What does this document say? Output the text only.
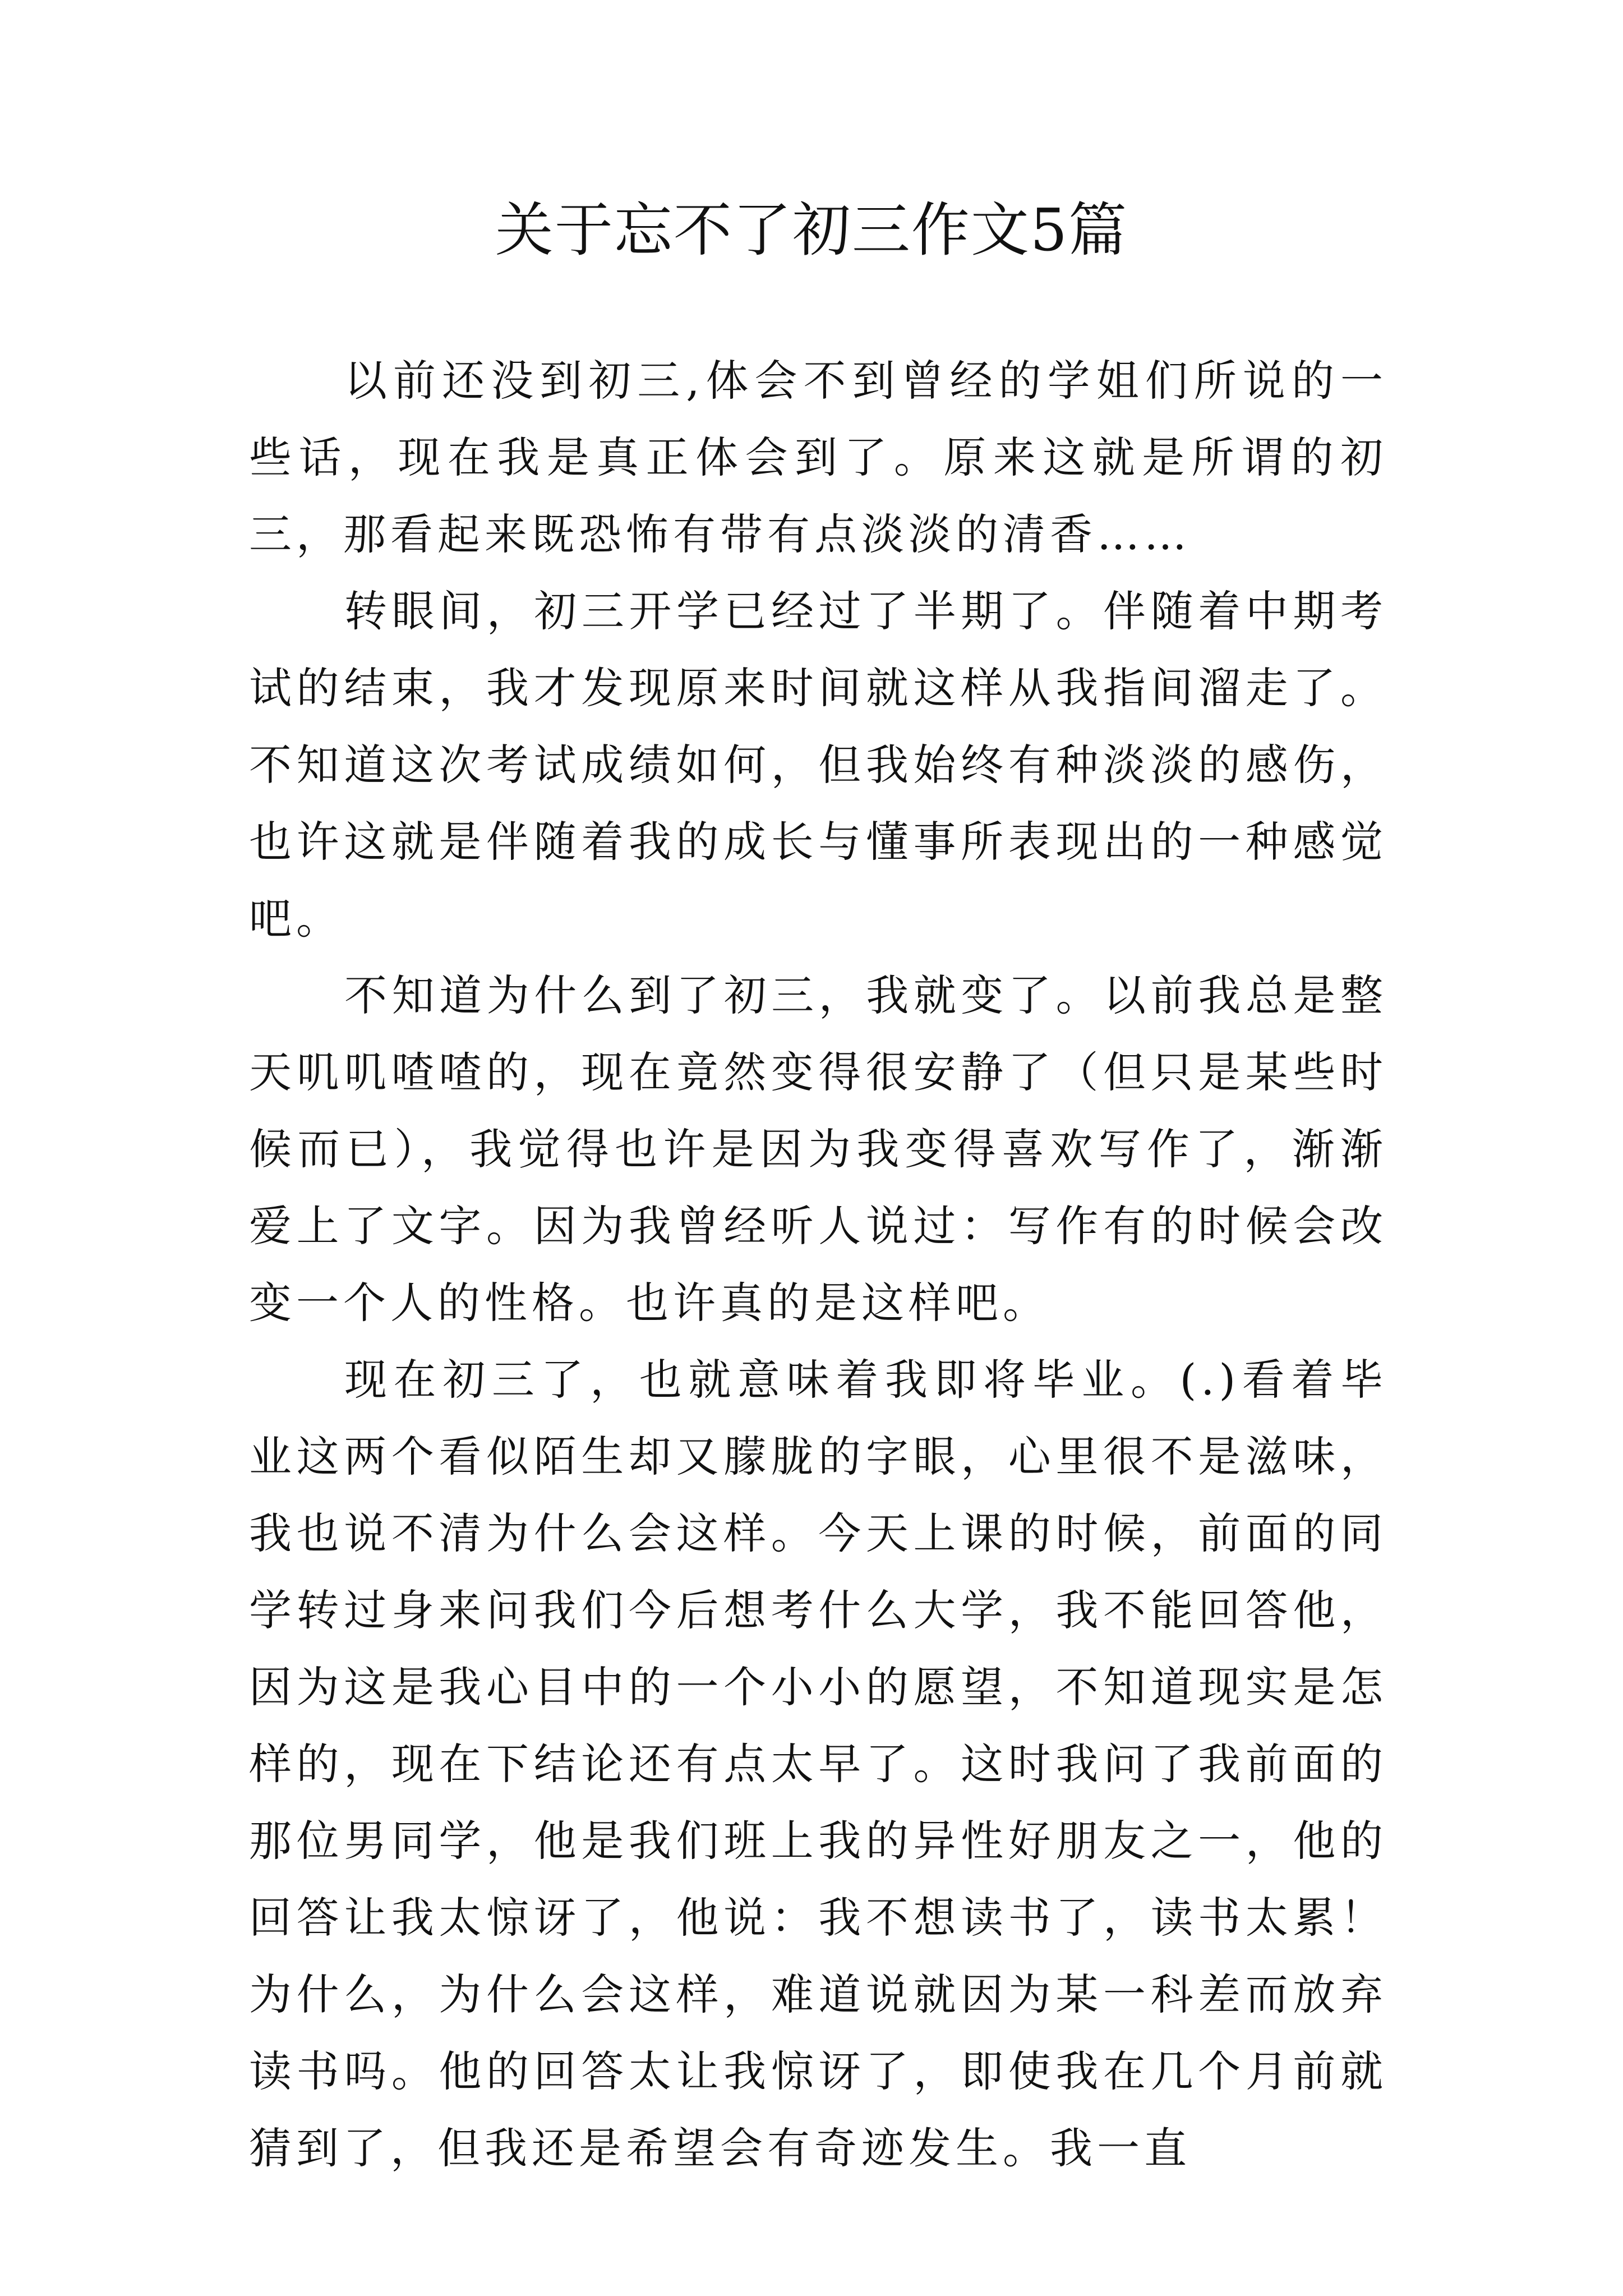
关于忘不了初三作文5篇

以前还没到初三,体会不到曾经的学姐们所说的一些话，现在我是真正体会到了。原来这就是所谓的初三，那看起来既恐怖有带有点淡淡的清香……

转眼间，初三开学已经过了半期了。伴随着中期考试的结束，我才发现原来时间就这样从我指间溜走了。不知道这次考试成绩如何，但我始终有种淡淡的感伤，也许这就是伴随着我的成长与懂事所表现出的一种感觉吧。

不知道为什么到了初三，我就变了。以前我总是整天叽叽喳喳的，现在竟然变得很安静了（但只是某些时候而已），我觉得也许是因为我变得喜欢写作了，渐渐爱上了文字。因为我曾经听人说过：写作有的时候会改变一个人的性格。也许真的是这样吧。

现在初三了，也就意味着我即将毕业。(.)看着毕业这两个看似陌生却又朦胧的字眼，心里很不是滋味，我也说不清为什么会这样。今天上课的时候，前面的同学转过身来问我们今后想考什么大学，我不能回答他，因为这是我心目中的一个小小的愿望，不知道现实是怎样的，现在下结论还有点太早了。这时我问了我前面的那位男同学，他是我们班上我的异性好朋友之一，他的回答让我太惊讶了，他说：我不想读书了，读书太累！为什么，为什么会这样，难道说就因为某一科差而放弃读书吗。他的回答太让我惊讶了，即使我在几个月前就猜到了，但我还是希望会有奇迹发生。我一直
